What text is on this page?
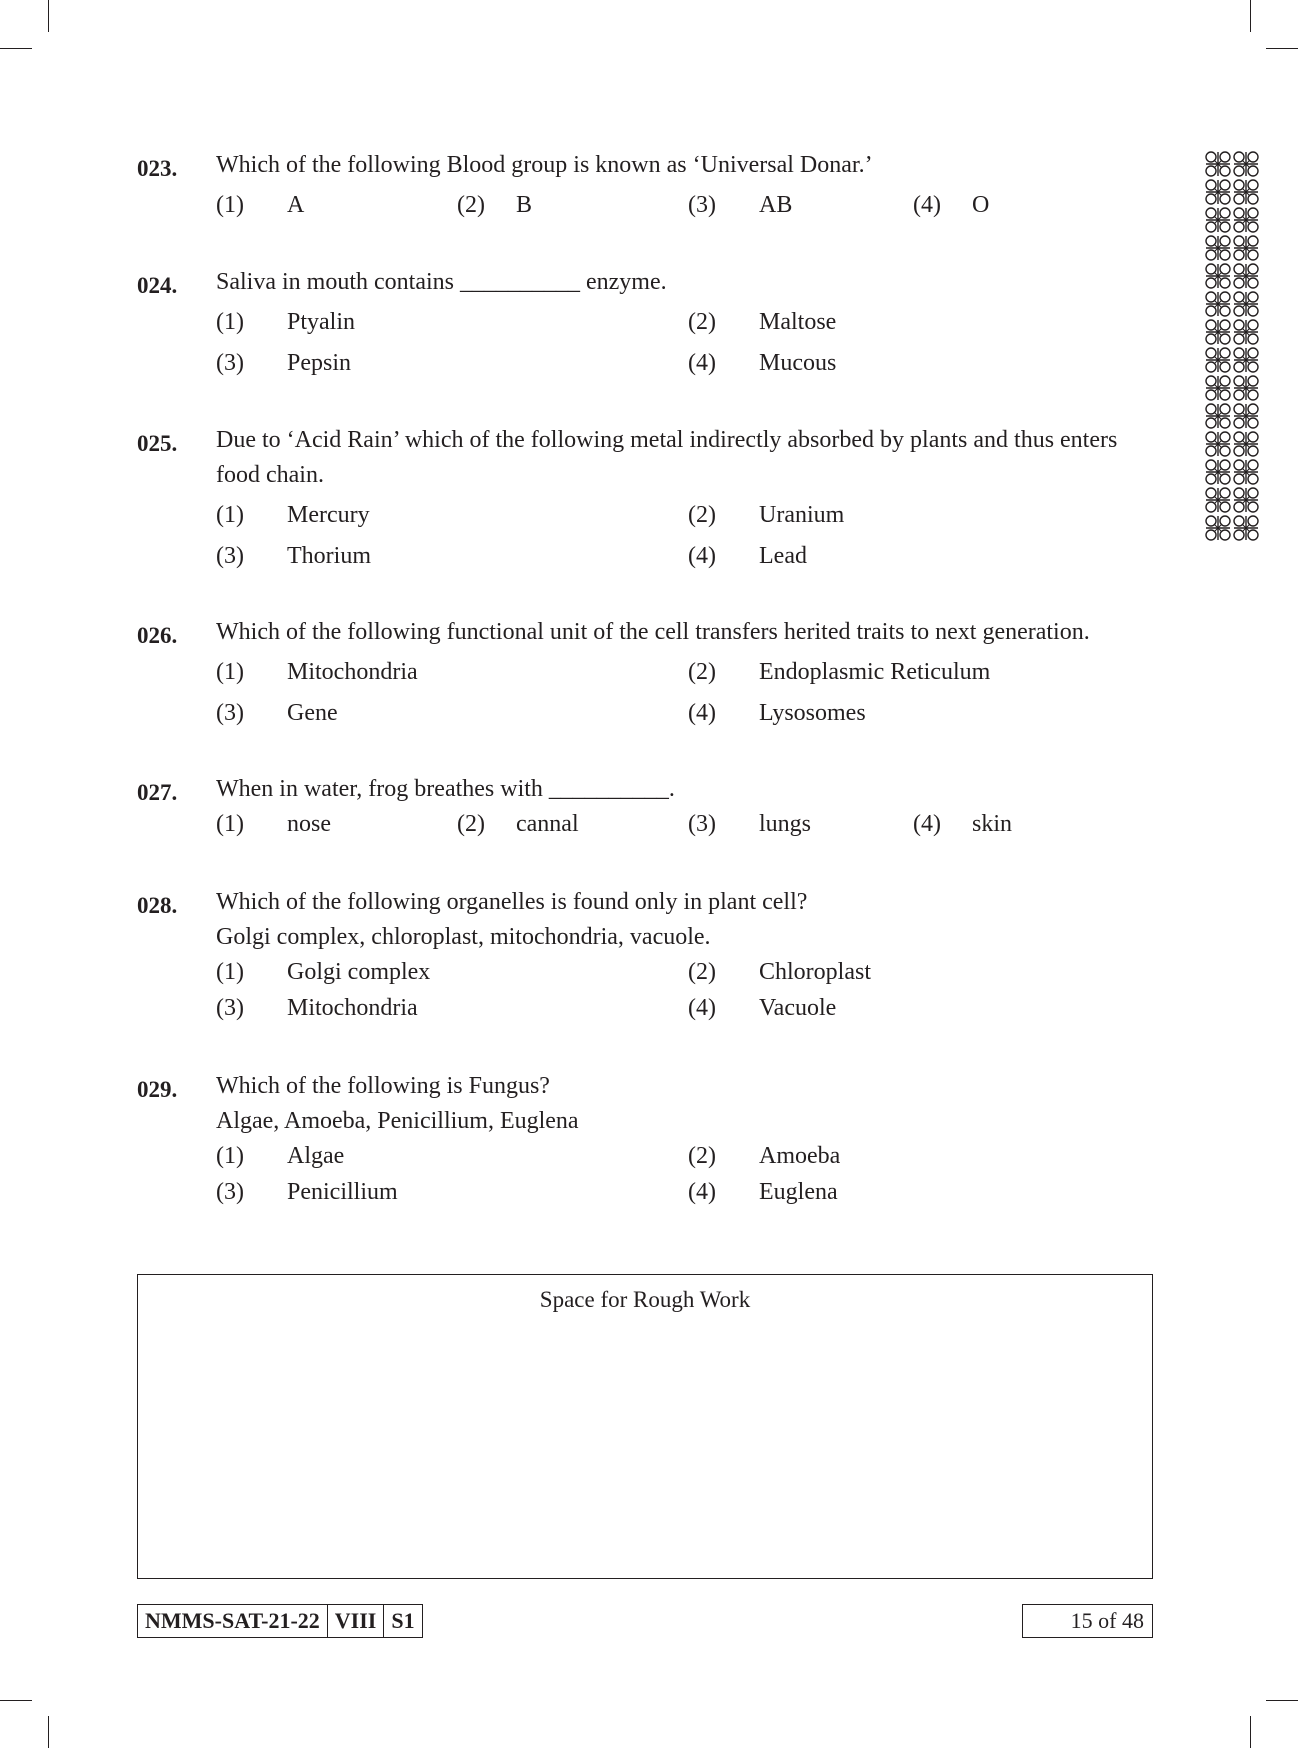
023. Which of the following Blood group is known as ‘Universal Donar.’
(1) A	(2) B	(3) AB	(4) O
024. Saliva in mouth contains __________ enzyme.
(1) Ptyalin	(2) Maltose
(3) Pepsin	(4) Mucous
025. Due to ‘Acid Rain’ which of the following metal indirectly absorbed by plants and thus enters food chain.
(1) Mercury	(2) Uranium
(3) Thorium	(4) Lead
026. Which of the following functional unit of the cell transfers herited traits to next generation.
(1) Mitochondria	(2) Endoplasmic Reticulum
(3) Gene	(4) Lysosomes
027. When in water, frog breathes with __________.
(1) nose	(2) cannal	(3) lungs	(4) skin
028. Which of the following organelles is found only in plant cell?
Golgi complex, chloroplast, mitochondria, vacuole.
(1) Golgi complex	(2) Chloroplast
(3) Mitochondria	(4) Vacuole
029. Which of the following is Fungus?
Algae, Amoeba, Penicillium, Euglena
(1) Algae	(2) Amoeba
(3) Penicillium	(4) Euglena
Space for Rough Work
NMMS-SAT-21-22 VIII S1	15 of 48
